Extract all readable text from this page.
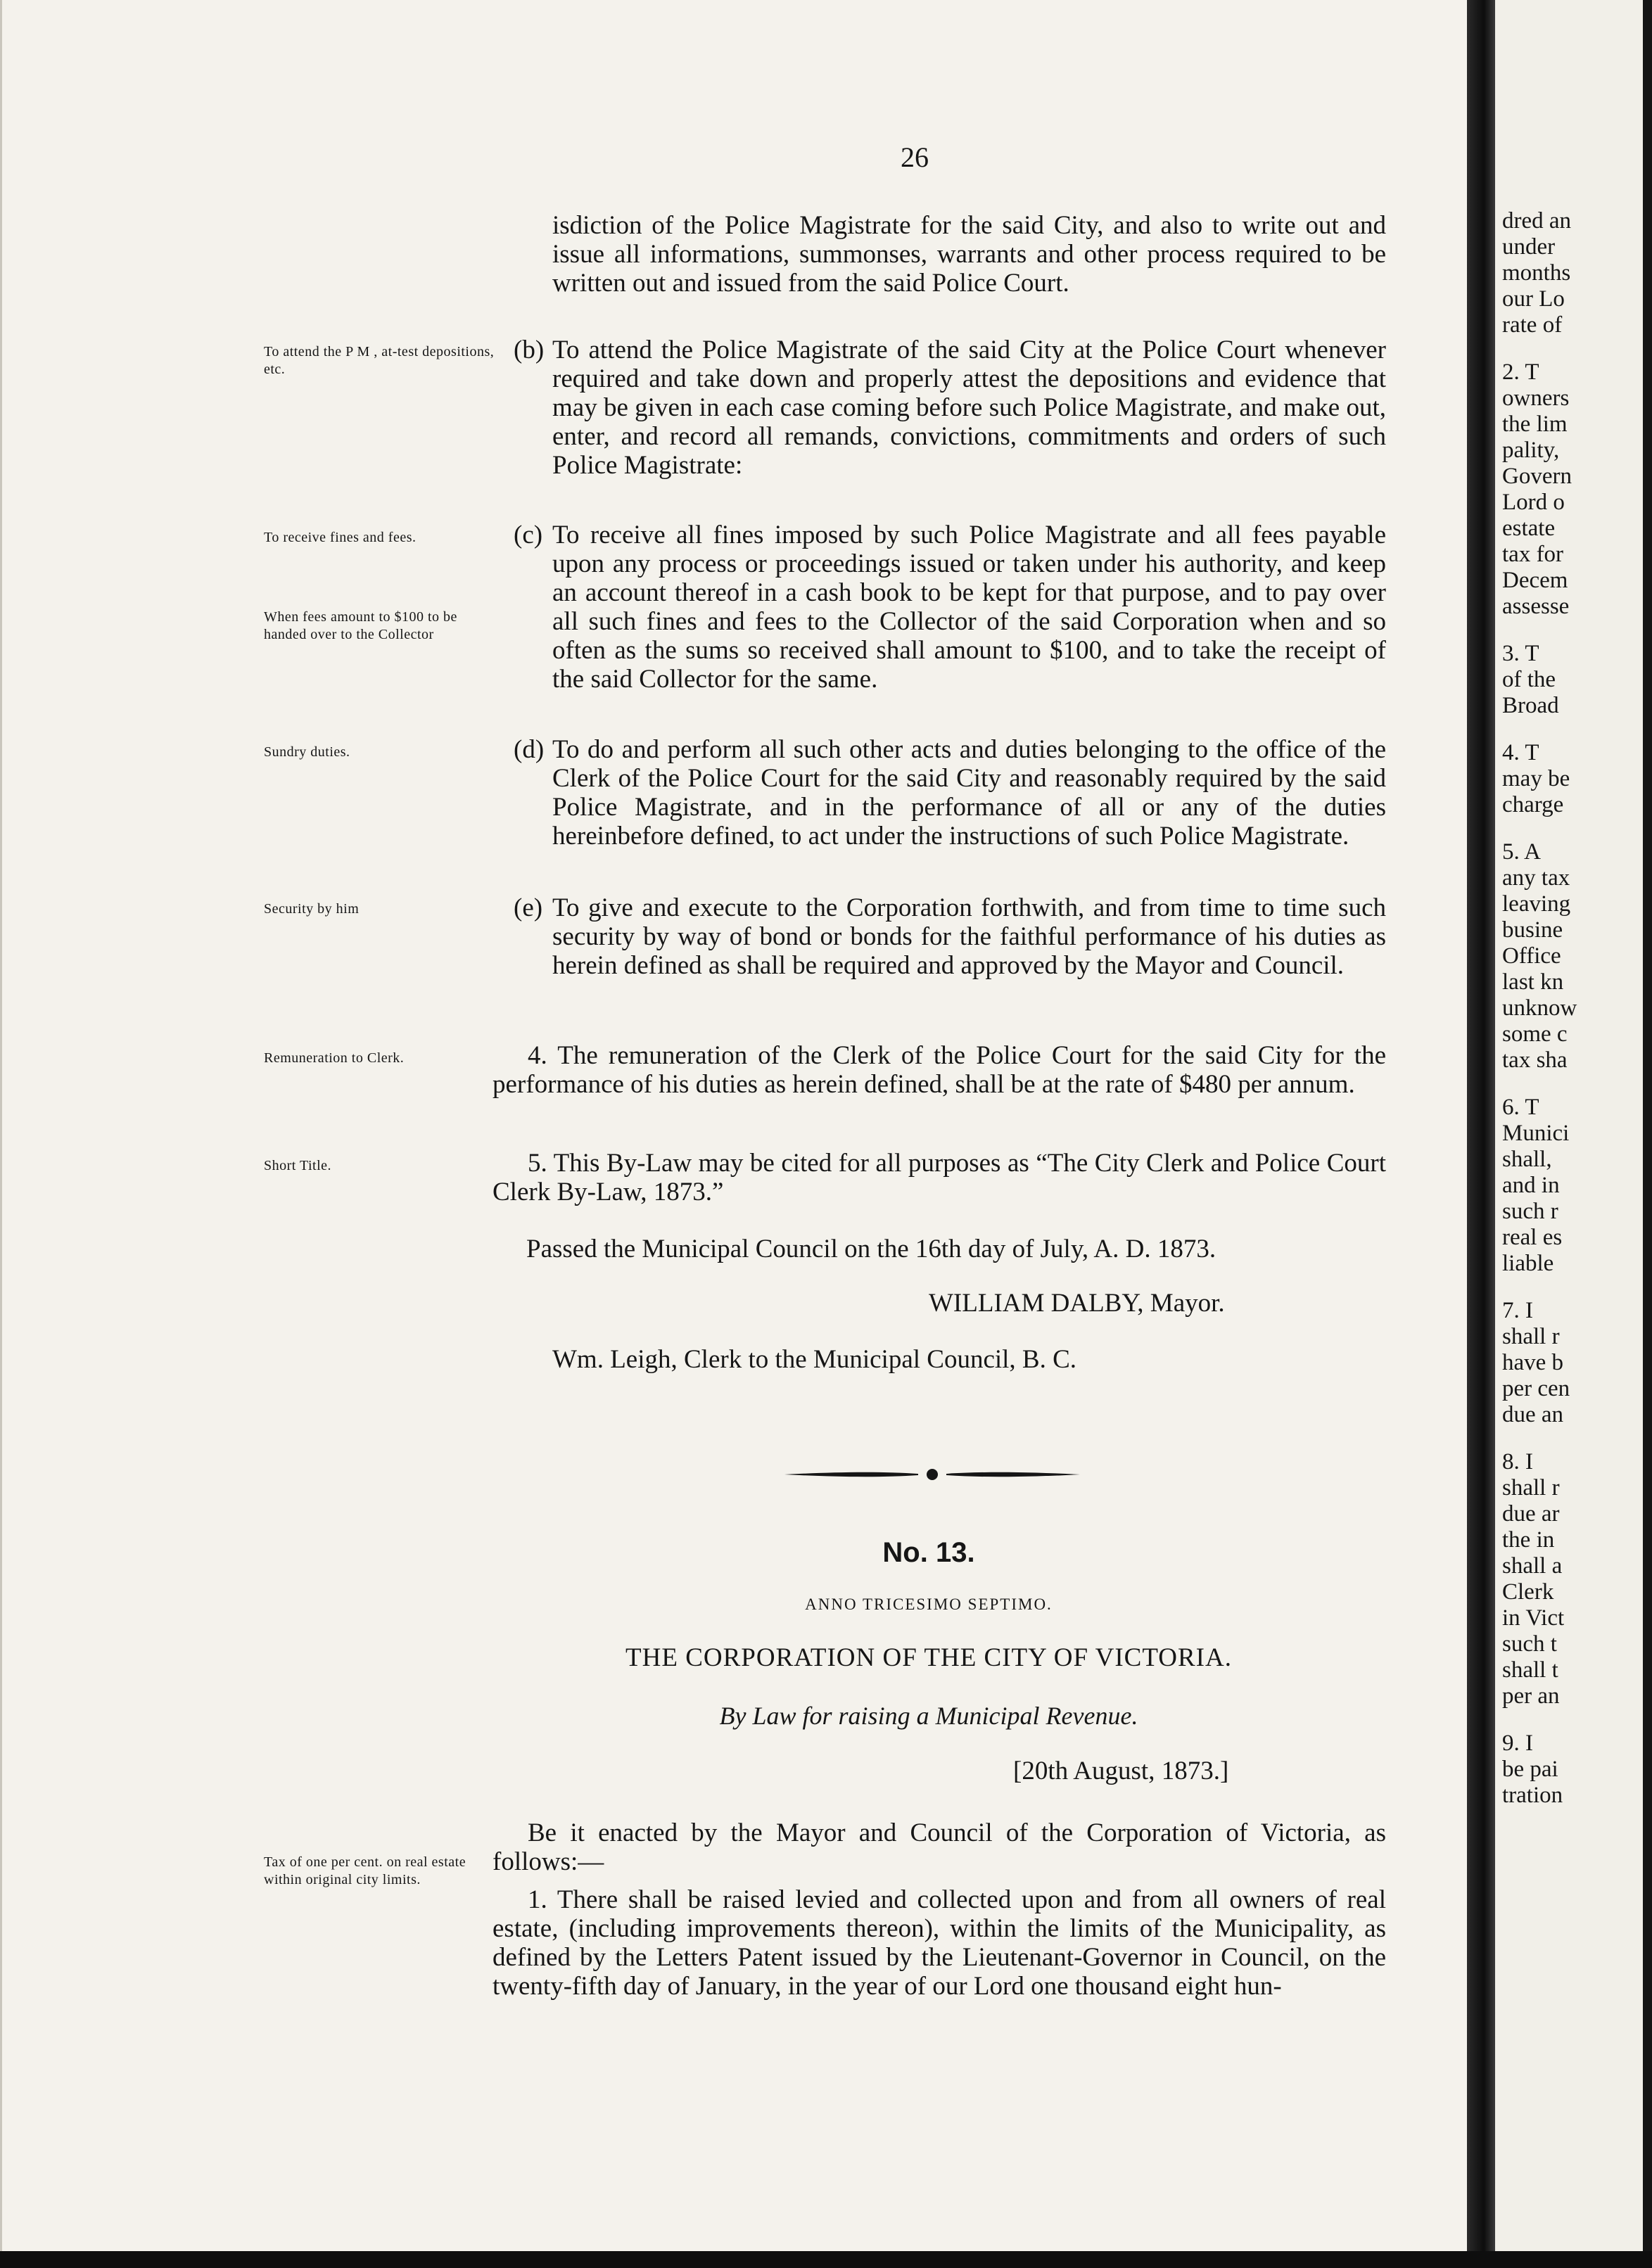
26
isdiction of the Police Magistrate for the said City, and also to write out and issue all informations, summonses, warrants and other process required to be written out and issued from the said Police Court.
To attend the P M , at-test depositions, etc.
To receive fines and fees.
When fees amount to $100 to be handed over to the Collector
Sundry duties.
Security by him
Remuneration to Clerk.
Short Title.
Tax of one per cent. on real estate within original city limits.
(b) To attend the Police Magistrate of the said City at the Police Court whenever required and take down and properly attest the depositions and evidence that may be given in each case coming before such Police Magistrate, and make out, enter, and record all remands, convictions, commitments and orders of such Police Magistrate:
(c) To receive all fines imposed by such Police Magistrate and all fees payable upon any process or proceedings issued or taken under his authority, and keep an account thereof in a cash book to be kept for that purpose, and to pay over all such fines and fees to the Collector of the said Corporation when and so often as the sums so received shall amount to $100, and to take the receipt of the said Collector for the same.
(d) To do and perform all such other acts and duties belonging to the office of the Clerk of the Police Court for the said City and reasonably required by the said Police Magistrate, and in the performance of all or any of the duties hereinbefore defined, to act under the instructions of such Police Magistrate.
(e) To give and execute to the Corporation forthwith, and from time to time such security by way of bond or bonds for the faithful performance of his duties as herein defined as shall be required and approved by the Mayor and Council.
4. The remuneration of the Clerk of the Police Court for the said City for the performance of his duties as herein defined, shall be at the rate of $480 per annum.
5. This By-Law may be cited for all purposes as “The City Clerk and Police Court Clerk By-Law, 1873.”
Passed the Municipal Council on the 16th day of July, A. D. 1873.
WILLIAM DALBY, Mayor.
Wm. Leigh, Clerk to the Municipal Council, B. C.
No. 13.
ANNO TRICESIMO SEPTIMO.
THE CORPORATION OF THE CITY OF VICTORIA.
By Law for raising a Municipal Revenue.
[20th August, 1873.]
Be it enacted by the Mayor and Council of the Corporation of Victoria, as follows:—
1. There shall be raised levied and collected upon and from all owners of real estate, (including improvements thereon), within the limits of the Municipality, as defined by the Letters Patent issued by the Lieutenant-Governor in Council, on the twenty-fifth day of January, in the year of our Lord one thousand eight hun-
dred an
under
months
our Lo
rate of
2. T
owners
the lim
pality,
Govern
Lord o
estate
tax for
Decem
assesse
3. T
of the
Broad
4. T
may be
charge
5. A
any tax
leaving
busine
Office
last kn
unknow
some c
tax sha
6. T
Munici
shall,
and in
such r
real es
liable
7. I
shall r
have b
per cen
due an
8. I
shall r
due ar
the in
shall a
Clerk
in Vict
such t
shall t
per an
9. I
be pai
tration
